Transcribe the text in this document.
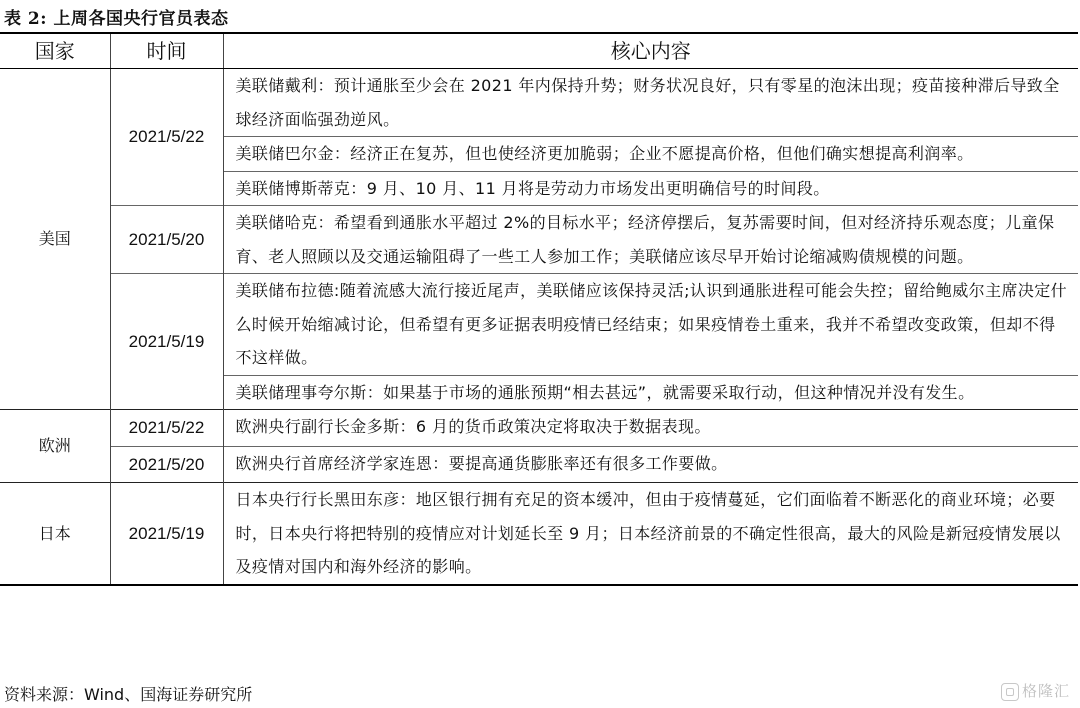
表 2: 上周各国央行官员表态
国家	时间	核心内容
美国	2021/5/22	美联储戴利：预计通胀至少会在 2021 年内保持升势；财务状况良好，只有零星的泡沫出现；疫苗接种滞后导致全球经济面临强劲逆风。
		美联储巴尔金：经济正在复苏，但也使经济更加脆弱；企业不愿提高价格，但他们确实想提高利润率。
		美联储博斯蒂克：9 月、10 月、11 月将是劳动力市场发出更明确信号的时间段。
	2021/5/20	美联储哈克：希望看到通胀水平超过 2%的目标水平；经济停摆后，复苏需要时间，但对经济持乐观态度；儿童保育、老人照顾以及交通运输阻碍了一些工人参加工作；美联储应该尽早开始讨论缩减购债规模的问题。
	2021/5/19	美联储布拉德:随着流感大流行接近尾声，美联储应该保持灵活;认识到通胀进程可能会失控；留给鲍威尔主席决定什么时候开始缩减讨论，但希望有更多证据表明疫情已经结束；如果疫情卷土重来，我并不希望改变政策，但却不得不这样做。
		美联储理事夸尔斯：如果基于市场的通胀预期“相去甚远”，就需要采取行动，但这种情况并没有发生。
欧洲	2021/5/22	欧洲央行副行长金多斯：6 月的货币政策决定将取决于数据表现。
	2021/5/20	欧洲央行首席经济学家连恩：要提高通货膨胀率还有很多工作要做。
日本	2021/5/19	日本央行行长黑田东彦：地区银行拥有充足的资本缓冲，但由于疫情蔓延，它们面临着不断恶化的商业环境；必要时，日本央行将把特别的疫情应对计划延长至 9 月；日本经济前景的不确定性很高，最大的风险是新冠疫情发展以及疫情对国内和海外经济的影响。
资料来源：Wind、国海证券研究所	格隆汇
